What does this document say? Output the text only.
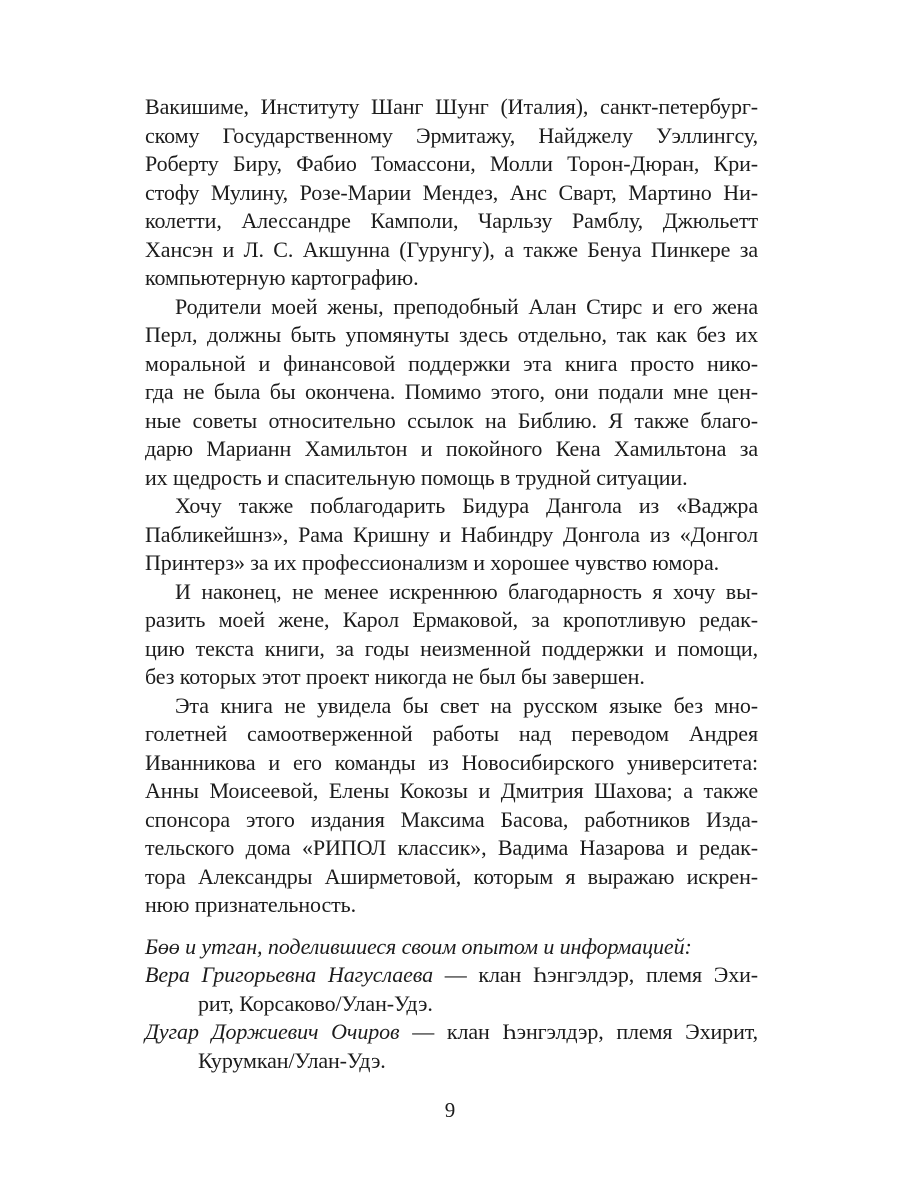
Вакишиме, Институту Шанг Шунг (Италия), санкт-петербург-
скому Государственному Эрмитажу, Найджелу Уэллингсу,
Роберту Биру, Фабио Томассони, Молли Торон-Дюран, Кри-
стофу Мулину, Розе-Марии Мендез, Анс Сварт, Мартино Ни-
колетти, Алессандре Камполи, Чарльзу Рамблу, Джюльетт
Хансэн и Л. С. Акшунна (Гурунгу), а также Бенуа Пинкере за
компьютерную картографию.
Родители моей жены, преподобный Алан Стирс и его жена
Перл, должны быть упомянуты здесь отдельно, так как без их
моральной и финансовой поддержки эта книга просто нико-
гда не была бы окончена. Помимо этого, они подали мне цен-
ные советы относительно ссылок на Библию. Я также благо-
дарю Марианн Хамильтон и покойного Кена Хамильтона за
их щедрость и спасительную помощь в трудной ситуации.
Хочу также поблагодарить Бидура Дангола из «Ваджра
Пабликейшнз», Рама Кришну и Набиндру Донгола из «Донгол
Принтерз» за их профессионализм и хорошее чувство юмора.
И наконец, не менее искреннюю благодарность я хочу вы-
разить моей жене, Карол Ермаковой, за кропотливую редак-
цию текста книги, за годы неизменной поддержки и помощи,
без которых этот проект никогда не был бы завершен.
Эта книга не увидела бы свет на русском языке без мно-
голетней самоотверженной работы над переводом Андрея
Иванникова и его команды из Новосибирского университета:
Анны Моисеевой, Елены Кокозы и Дмитрия Шахова; а также
спонсора этого издания Максима Басова, работников Изда-
тельского дома «РИПОЛ классик», Вадима Назарова и редак-
тора Александры Аширметовой, которым я выражаю искрен-
нюю признательность.
Бөө и утган, поделившиеся своим опытом и информацией:
Вера Григорьевна Нагуслаева — клан Һэнгэлдэр, племя Эхи-
рит, Корсаково/Улан-Удэ.
Дугар Доржиевич Очиров — клан Һэнгэлдэр, племя Эхирит,
Курумкан/Улан-Удэ.
9
